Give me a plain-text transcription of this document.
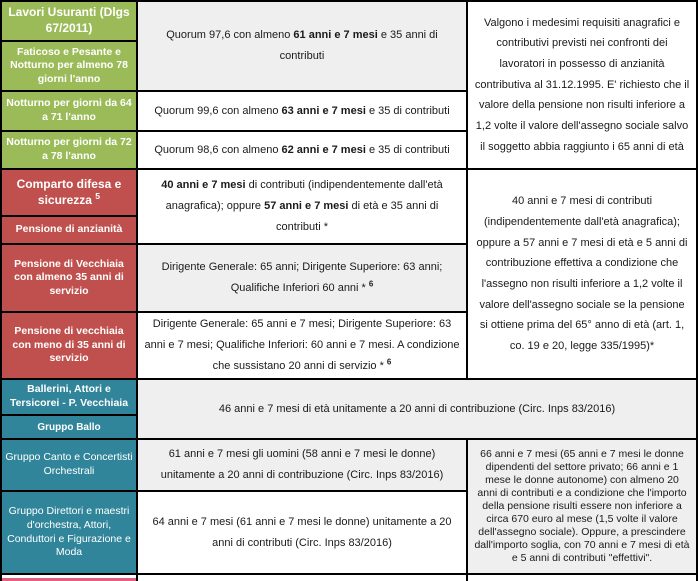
Lavori Usuranti (Dlgs 67/2011)
Faticoso e Pesante e Notturno per almeno 78 giorni l'anno
Notturno per giorni da 64 a 71 l'anno
Notturno per giorni da 72 a 78 l'anno
Comparto difesa e sicurezza $^5$
Pensione di anzianità
Pensione di Vecchiaia con almeno 35 anni di servizio
Pensione di vecchiaia con meno di 35 anni di servizio
Ballerini, Attori e Tersicorei - P. Vecchiaia
Gruppo Ballo
Gruppo Canto e Concertisti Orchestrali
Gruppo Direttori e maestri d'orchestra, Attori, Conduttori e Figurazione e Moda
Quorum 97,6 con almeno 61 anni e 7 mesi e 35 anni di contributi
Quorum 99,6 con almeno 63 anni e 7 mesi e 35 di contributi
Quorum 98,6 con almeno 62 anni e 7 mesi e 35 di contributi
40 anni e 7 mesi di contributi (indipendentemente dall'età anagrafica); oppure 57 anni e 7 mesi di età e 35 anni di contributi *
Dirigente Generale: 65 anni; Dirigente Superiore: 63 anni; Qualifiche Inferiori 60 anni * $^6$
Dirigente Generale: 65 anni e 7 mesi; Dirigente Superiore: 63 anni e 7 mesi; Qualifiche Inferiori: 60 anni e 7 mesi. A condizione che sussistano 20 anni di servizio * $^6$
46 anni e 7 mesi di età unitamente a 20 anni di contribuzione (Circ. Inps 83/2016)
61 anni e 7 mesi gli uomini (58 anni e 7 mesi le donne) unitamente a 20 anni di contribuzione (Circ. Inps 83/2016)
64 anni e 7 mesi (61 anni e 7 mesi le donne) unitamente a 20 anni di contributi (Circ. Inps 83/2016)
Valgono i medesimi requisiti anagrafici e contributivi previsti nei confronti dei lavoratori in possesso di anzianità contributiva al 31.12.1995. E' richiesto che il valore della pensione non risulti inferiore a 1,2 volte il valore dell'assegno sociale salvo il soggetto abbia raggiunto i 65 anni di età
40 anni e 7 mesi di contributi (indipendentemente dall'età anagrafica); oppure a 57 anni e 7 mesi di età e 5 anni di contribuzione effettiva a condizione che l'assegno non risulti inferiore a 1,2 volte il valore dell'assegno sociale se la pensione si ottiene prima del 65° anno di età (art. 1, co. 19 e 20, legge 335/1995)*
66 anni e 7 mesi (65 anni e 7 mesi le donne dipendenti del settore privato; 66 anni e 1 mese le donne autonome) con almeno 20 anni di contributi e a condizione che l'importo della pensione risulti essere non inferiore a circa 670 euro al mese (1,5 volte il valore dell'assegno sociale). Oppure, a prescindere dall'importo soglia, con 70 anni e 7 mesi di età e 5 anni di contributi "effettivi".
